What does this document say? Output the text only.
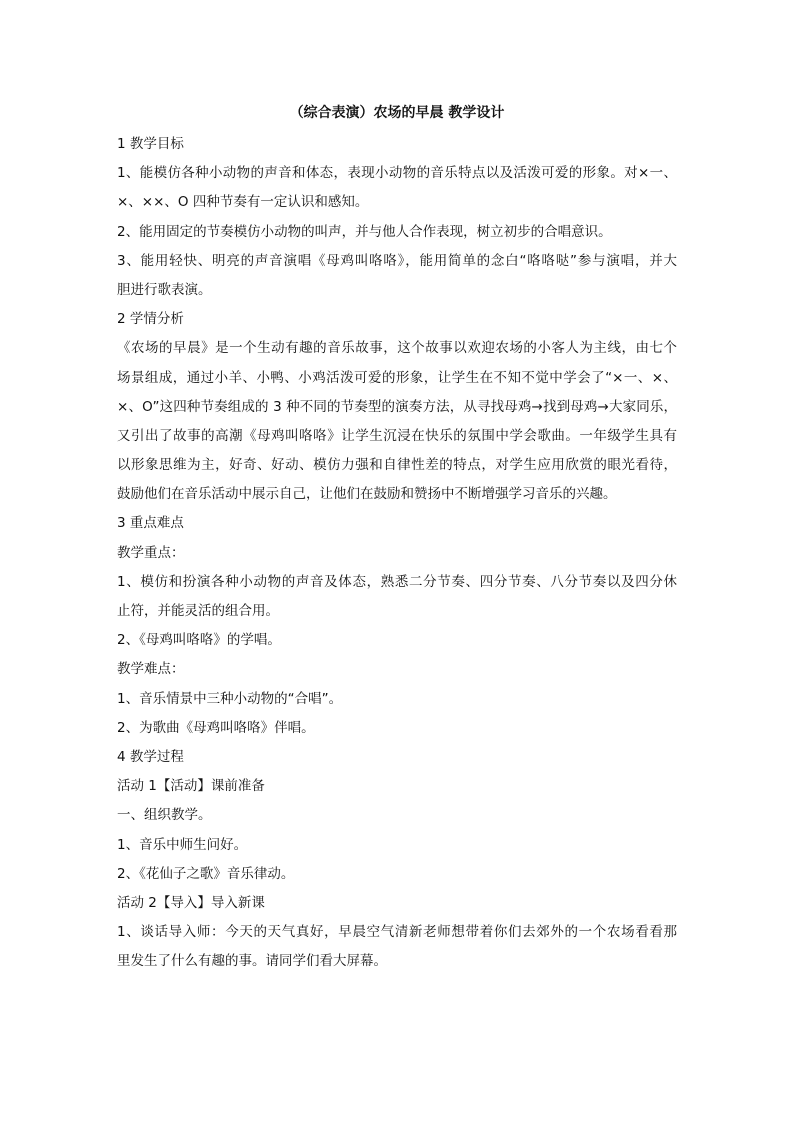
（综合表演）农场的早晨 教学设计
1 教学目标
1、能模仿各种小动物的声音和体态，表现小动物的音乐特点以及活泼可爱的形象。对×一、
×、××、O 四种节奏有一定认识和感知。
2、能用固定的节奏模仿小动物的叫声，并与他人合作表现，树立初步的合唱意识。
3、能用轻快、明亮的声音演唱《母鸡叫咯咯》，能用简单的念白“咯咯哒”参与演唱，并大
胆进行歌表演。
2 学情分析
《农场的早晨》是一个生动有趣的音乐故事，这个故事以欢迎农场的小客人为主线，由七个
场景组成，通过小羊、小鸭、小鸡活泼可爱的形象，让学生在不知不觉中学会了“×一、×、
×、O”这四种节奏组成的 3 种不同的节奏型的演奏方法，从寻找母鸡→找到母鸡→大家同乐，
又引出了故事的高潮《母鸡叫咯咯》让学生沉浸在快乐的氛围中学会歌曲。一年级学生具有
以形象思维为主，好奇、好动、模仿力强和自律性差的特点，对学生应用欣赏的眼光看待，
鼓励他们在音乐活动中展示自己，让他们在鼓励和赞扬中不断增强学习音乐的兴趣。
3 重点难点
教学重点：
1、模仿和扮演各种小动物的声音及体态，熟悉二分节奏、四分节奏、八分节奏以及四分休
止符，并能灵活的组合用。
2、《母鸡叫咯咯》的学唱。
教学难点：
1、音乐情景中三种小动物的“合唱”。
2、为歌曲《母鸡叫咯咯》伴唱。
4 教学过程
活动 1【活动】课前准备
一、组织教学。
1、音乐中师生问好。
2、《花仙子之歌》音乐律动。
活动 2【导入】导入新课
1、谈话导入师：今天的天气真好，早晨空气清新老师想带着你们去郊外的一个农场看看那
里发生了什么有趣的事。请同学们看大屏幕。
